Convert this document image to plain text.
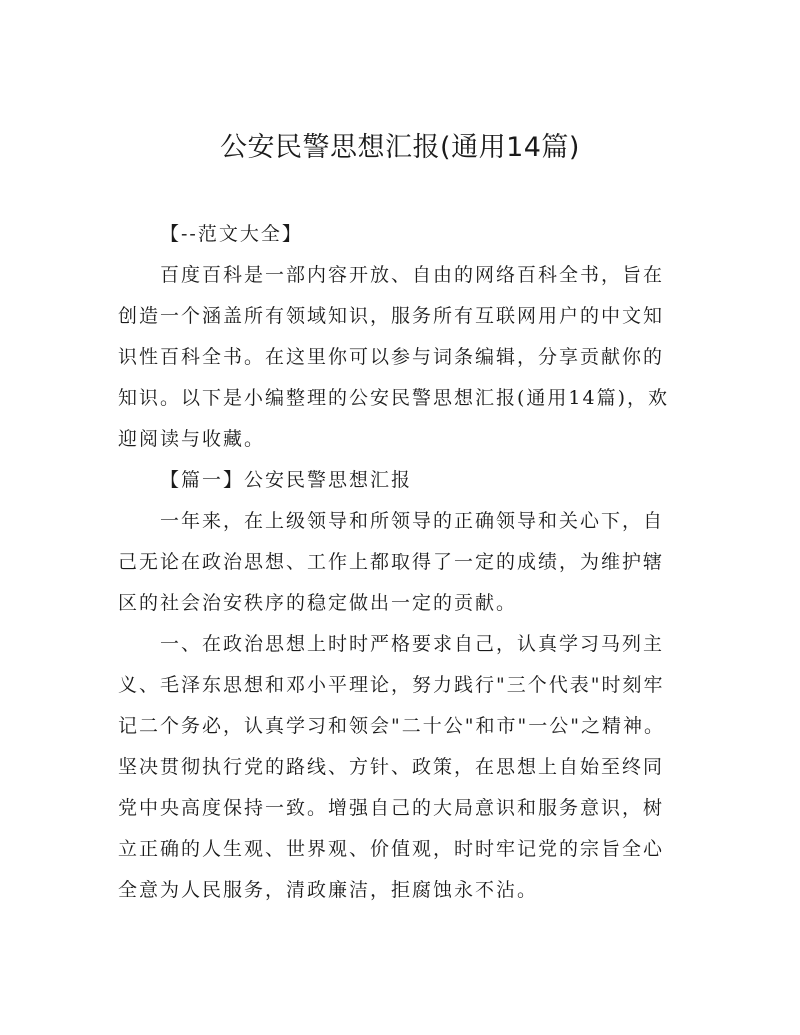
公安民警思想汇报(通用14篇)

【--范文大全】

百度百科是一部内容开放、自由的网络百科全书，旨在创造一个涵盖所有领域知识，服务所有互联网用户的中文知识性百科全书。在这里你可以参与词条编辑，分享贡献你的知识。以下是小编整理的公安民警思想汇报(通用14篇)，欢迎阅读与收藏。

【篇一】公安民警思想汇报

一年来，在上级领导和所领导的正确领导和关心下，自己无论在政治思想、工作上都取得了一定的成绩，为维护辖区的社会治安秩序的稳定做出一定的贡献。

一、在政治思想上时时严格要求自己，认真学习马列主义、毛泽东思想和邓小平理论，努力践行"三个代表"时刻牢记二个务必，认真学习和领会"二十公"和市"一公"之精神。坚决贯彻执行党的路线、方针、政策，在思想上自始至终同党中央高度保持一致。增强自己的大局意识和服务意识，树立正确的人生观、世界观、价值观，时时牢记党的宗旨全心全意为人民服务，清政廉洁，拒腐蚀永不沾。
